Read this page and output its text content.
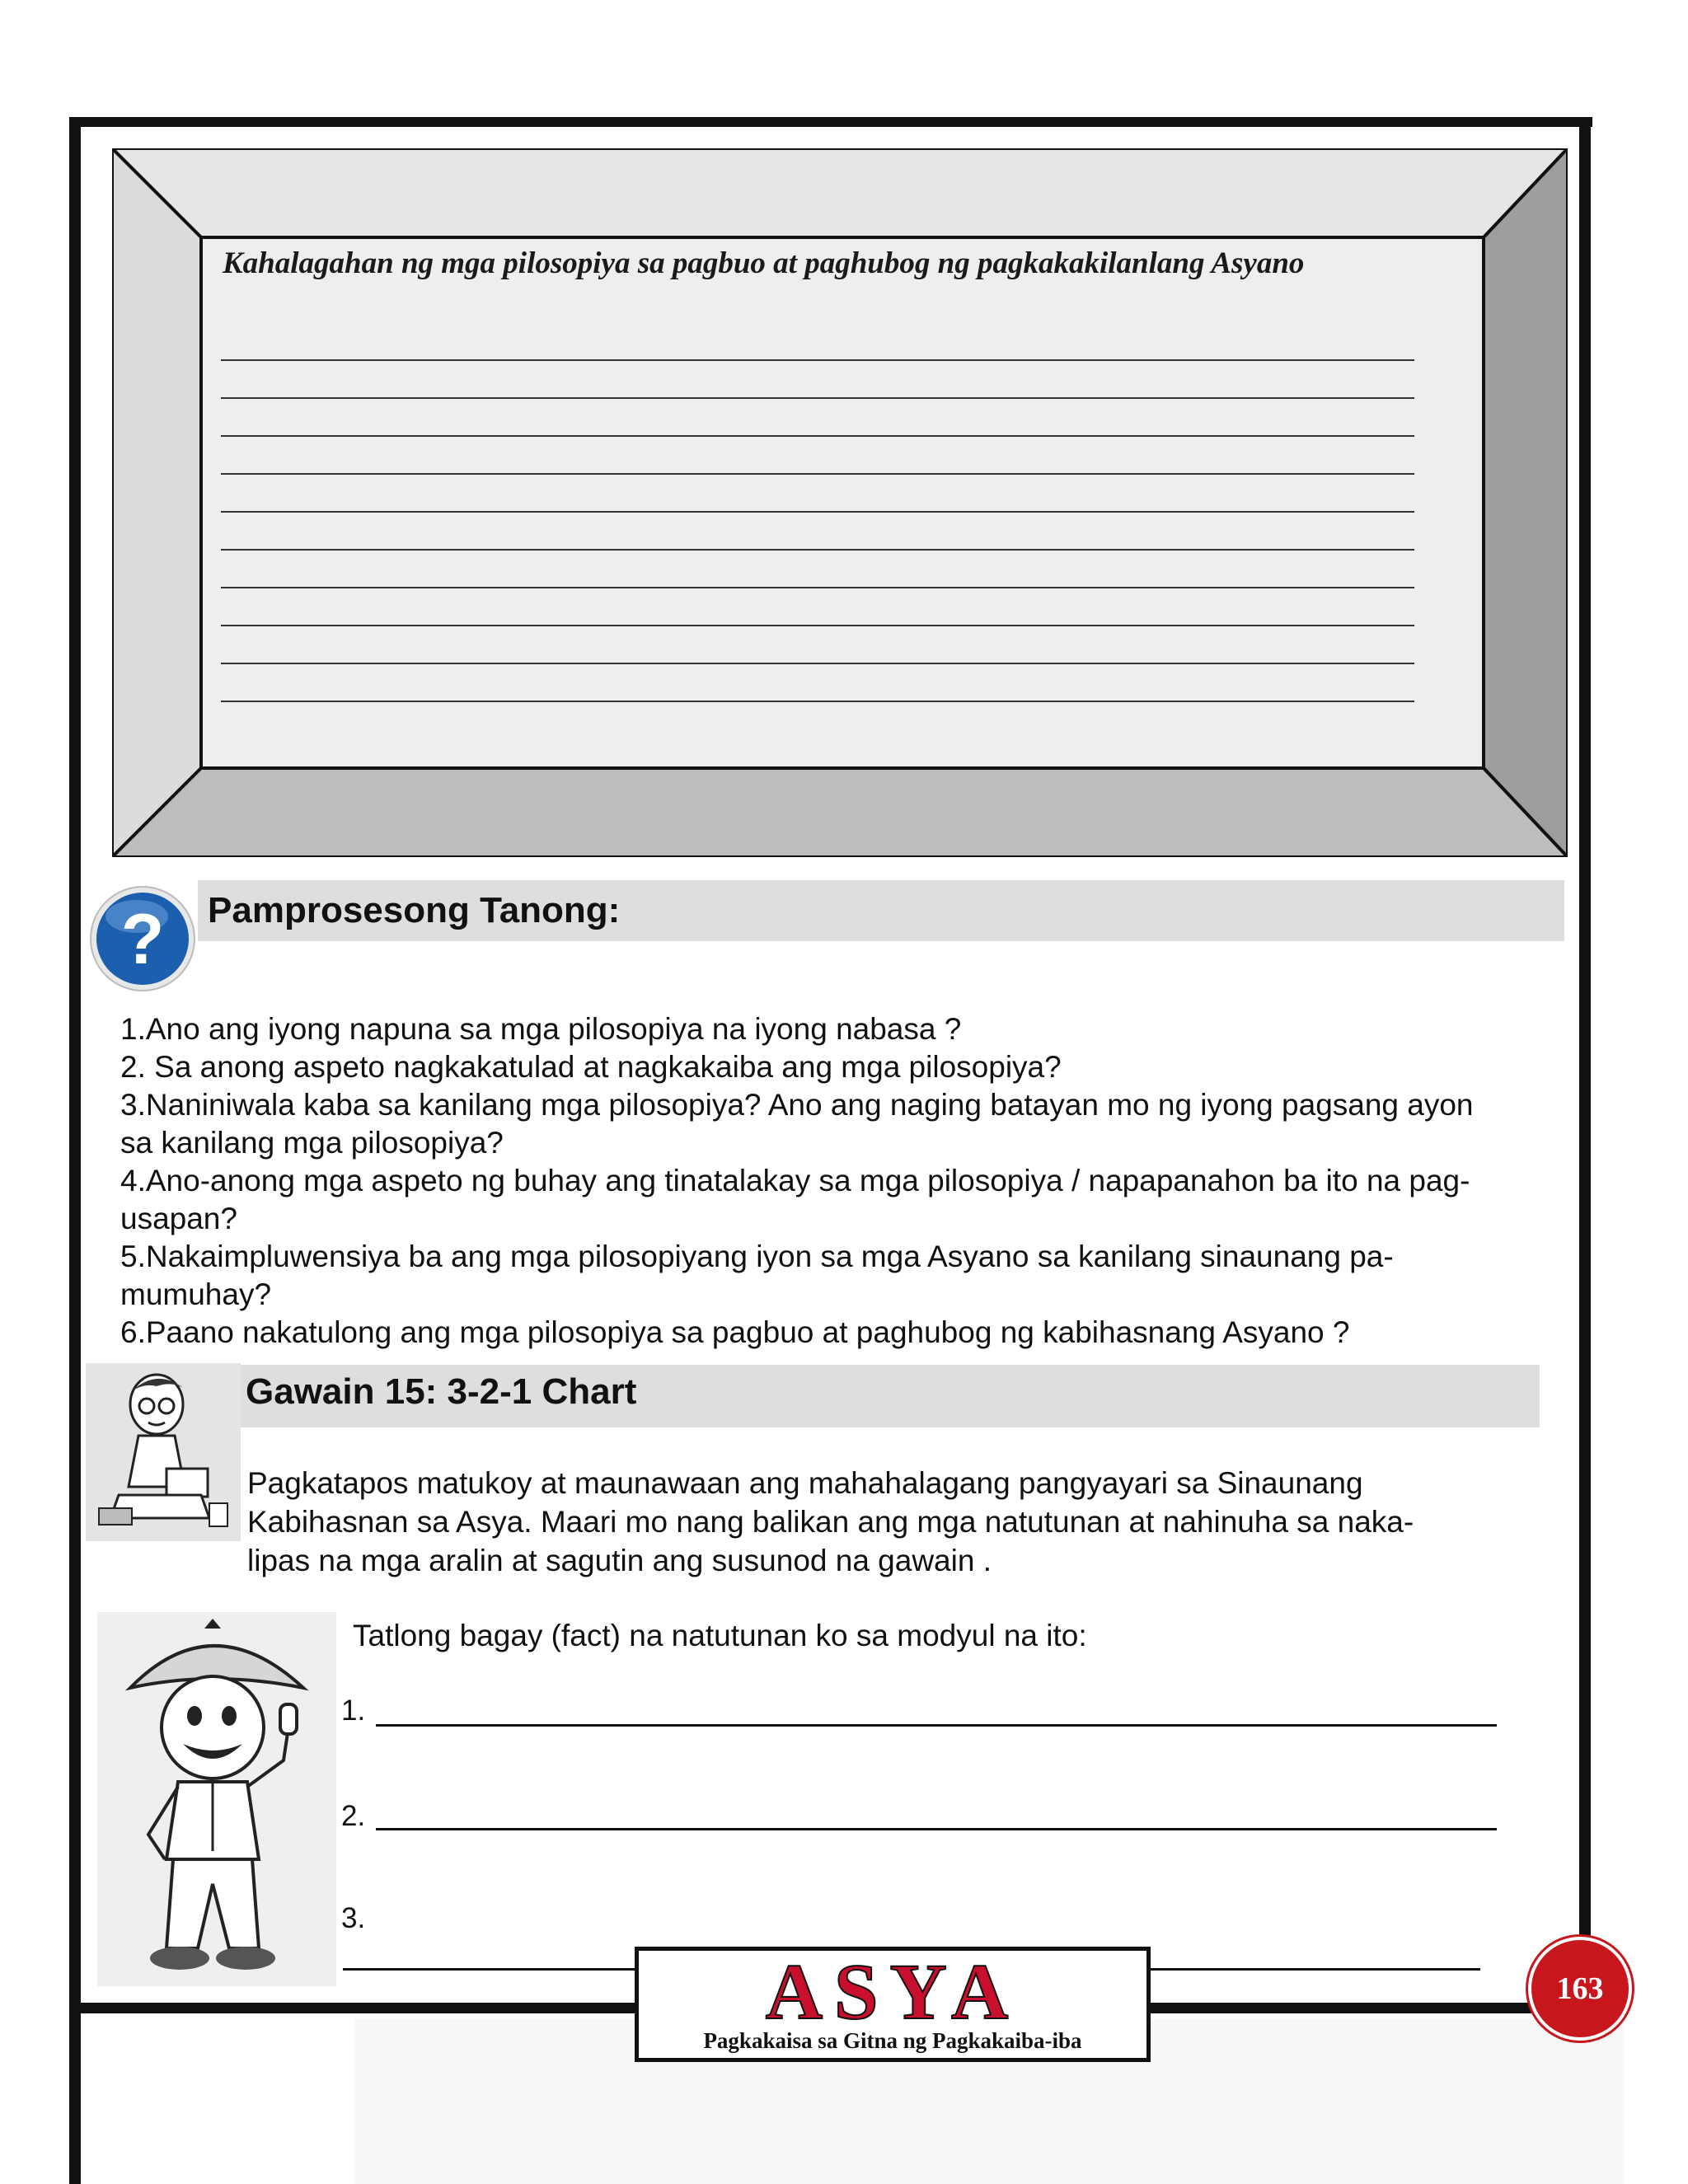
Kahalagahan ng mga pilosopiya sa pagbuo at paghubog ng pagkakakilanlang Asyano
Pamprosesong Tanong:
?
1.Ano ang iyong napuna sa mga pilosopiya na iyong nabasa ?
2. Sa anong aspeto nagkakatulad at nagkakaiba ang mga pilosopiya?
3.Naniniwala kaba sa kanilang mga pilosopiya? Ano ang naging batayan mo ng iyong pagsang ayon sa kanilang mga pilosopiya?
4.Ano-anong mga aspeto ng buhay ang tinatalakay sa mga pilosopiya / napapanahon ba ito na pag-usapan?
5.Nakaimpluwensiya ba ang mga pilosopiyang iyon sa mga Asyano sa kanilang sinaunang pa-mumuhay?
6.Paano nakatulong ang mga pilosopiya sa pagbuo at paghubog ng kabihasnang Asyano ?
Gawain 15: 3-2-1 Chart
Pagkatapos matukoy at maunawaan ang mahahalagang pangyayari sa Sinaunang
Kabihasnan sa Asya. Maari mo nang balikan ang mga natutunan at nahinuha sa naka-
lipas na mga aralin at sagutin ang susunod na gawain .
Tatlong bagay (fact) na natutunan ko sa modyul na ito:
1.
2.
3.
ASYA
Pagkakaisa sa Gitna ng Pagkakaiba-iba
163
